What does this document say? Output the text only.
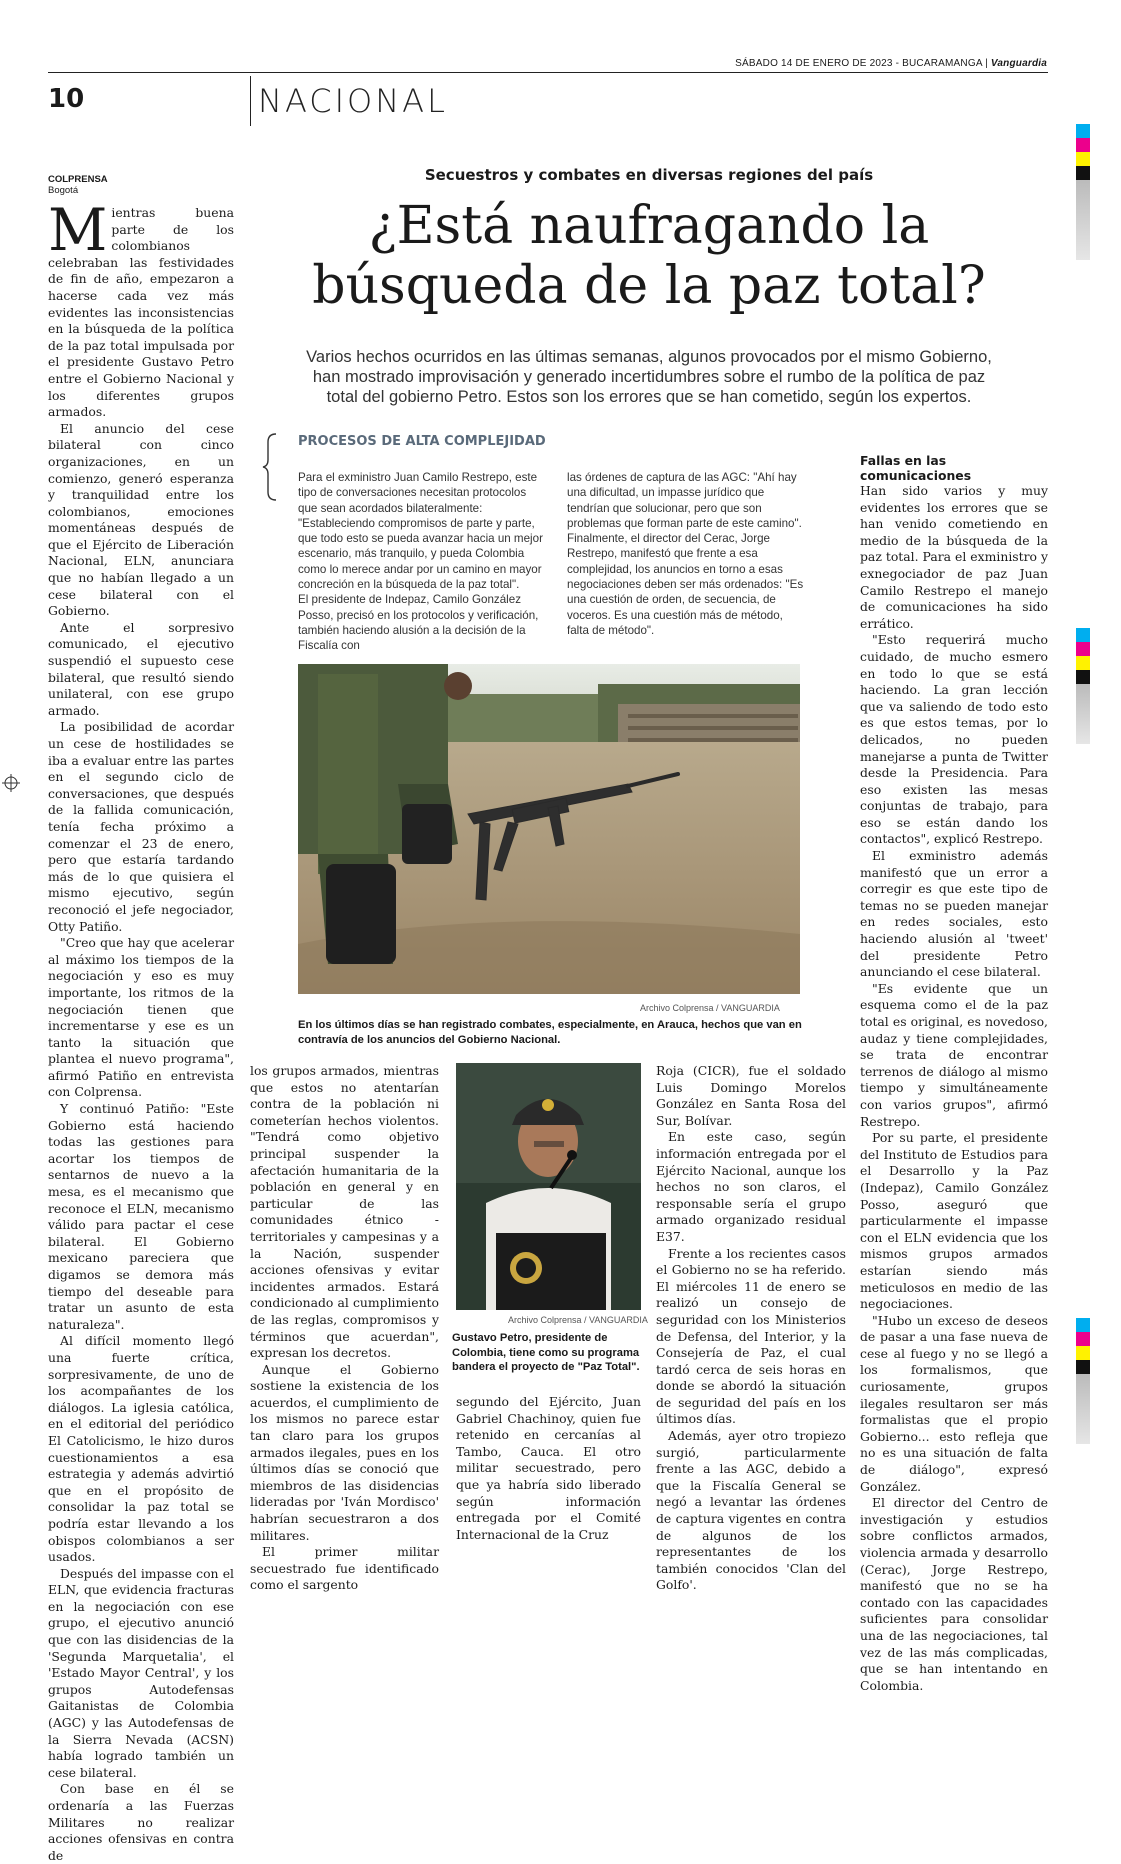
SÁBADO 14 DE ENERO DE 2023 - BUCARAMANGA | Vanguardia
10	NACIONAL
COLPRENSA
Bogotá
Secuestros y combates en diversas regiones del país
¿Está naufragando la
búsqueda de la paz total?
Varios hechos ocurridos en las últimas semanas, algunos provocados por el mismo Gobierno,
han mostrado improvisación y generado incertidumbres sobre el rumbo de la política de paz
total del gobierno Petro. Estos son los errores que se han cometido, según los expertos.
PROCESOS DE ALTA COMPLEJIDAD

Para el exministro Juan Camilo Restrepo, este tipo de conversaciones necesitan protocolos que sean acordados bilateralmente: "Estableciendo compromisos de parte y parte, que todo esto se pueda avanzar hacia un mejor escenario, más tranquilo, y pueda Colombia como lo merece andar por un camino en mayor concreción en la búsqueda de la paz total".

El presidente de Indepaz, Camilo González Posso, precisó en los protocolos y verificación, también haciendo alusión a la decisión de la Fiscalía con

las órdenes de captura de las AGC: "Ahí hay una dificultad, un impasse jurídico que tendrían que solucionar, pero que son problemas que forman parte de este camino".

Finalmente, el director del Cerac, Jorge Restrepo, manifestó que frente a esa complejidad, los anuncios en torno a esas negociaciones deben ser más ordenados: "Es una cuestión de orden, de secuencia, de voceros. Es una cuestión más de método, falta de método".

Archivo Colprensa / VANGUARDIA
En los últimos días se han registrado combates, especialmente, en Arauca, hechos que van en contravía de los anuncios del Gobierno Nacional.
Archivo Colprensa / VANGUARDIA
Gustavo Petro, presidente de Colombia, tiene como su programa bandera el proyecto de "Paz Total".

Mientras buena parte de los colombianos celebraban las festividades de fin de año, empezaron a hacerse cada vez más evidentes las inconsistencias en la búsqueda de la política de la paz total impulsada por el presidente Gustavo Petro entre el Gobierno Nacional y los diferentes grupos armados.

El anuncio del cese bilateral con cinco organizaciones, en un comienzo, generó esperanza y tranquilidad entre los colombianos, emociones momentáneas después de que el Ejército de Liberación Nacional, ELN, anunciara que no habían llegado a un cese bilateral con el Gobierno.

Ante el sorpresivo comunicado, el ejecutivo suspendió el supuesto cese bilateral, que resultó siendo unilateral, con ese grupo armado.

La posibilidad de acordar un cese de hostilidades se iba a evaluar entre las partes en el segundo ciclo de conversaciones, que después de la fallida comunicación, tenía fecha próximo a comenzar el 23 de enero, pero que estaría tardando más de lo que quisiera el mismo ejecutivo, según reconoció el jefe negociador, Otty Patiño.

"Creo que hay que acelerar al máximo los tiempos de la negociación y eso es muy importante, los ritmos de la negociación tienen que incrementarse y ese es un tanto la situación que plantea el nuevo programa", afirmó Patiño en entrevista con Colprensa.

Y continuó Patiño: "Este Gobierno está haciendo todas las gestiones para acortar los tiempos de sentarnos de nuevo a la mesa, es el mecanismo que reconoce el ELN, mecanismo válido para pactar el cese bilateral. El Gobierno mexicano pareciera que digamos se demora más tiempo del deseable para tratar un asunto de esta naturaleza".

Al difícil momento llegó una fuerte crítica, sorpresivamente, de uno de los acompañantes de los diálogos. La iglesia católica, en el editorial del periódico El Catolicismo, le hizo duros cuestionamientos a esa estrategia y además advirtió que en el propósito de consolidar la paz total se podría estar llevando a los obispos colombianos a ser usados.

Después del impasse con el ELN, que evidencia fracturas en la negociación con ese grupo, el ejecutivo anunció que con las disidencias de la 'Segunda Marquetalia', el 'Estado Mayor Central', y los grupos Autodefensas Gaitanistas de Colombia (AGC) y las Autodefensas de la Sierra Nevada (ACSN) había logrado también un cese bilateral.

Con base en él se ordenaría a las Fuerzas Militares no realizar acciones ofensivas en contra de

los grupos armados, mientras que estos no atentarían contra de la población ni cometerían hechos violentos. "Tendrá como objetivo principal suspender la afectación humanitaria de la población en general y en particular de las comunidades étnico - territoriales y campesinas y a la Nación, suspender acciones ofensivas y evitar incidentes armados. Estará condicionado al cumplimiento de las reglas, compromisos y términos que acuerdan", expresan los decretos.

Aunque el Gobierno sostiene la existencia de los acuerdos, el cumplimiento de los mismos no parece estar tan claro para los grupos armados ilegales, pues en los últimos días se conoció que miembros de las disidencias lideradas por 'Iván Mordisco' habrían secuestraron a dos militares.

El primer militar secuestrado fue identificado como el sargento

segundo del Ejército, Juan Gabriel Chachinoy, quien fue retenido en cercanías al Tambo, Cauca. El otro militar secuestrado, pero que ya habría sido liberado según información entregada por el Comité Internacional de la Cruz

Roja (CICR), fue el soldado Luis Domingo Morelos González en Santa Rosa del Sur, Bolívar.

En este caso, según información entregada por el Ejército Nacional, aunque los hechos no son claros, el responsable sería el grupo armado organizado residual E37.

Frente a los recientes casos el Gobierno no se ha referido. El miércoles 11 de enero se realizó un consejo de seguridad con los Ministerios de Defensa, del Interior, y la Consejería de Paz, el cual tardó cerca de seis horas en donde se abordó la situación de seguridad del país en los últimos días.

Además, ayer otro tropiezo surgió, particularmente frente a las AGC, debido a que la Fiscalía General se negó a levantar las órdenes de captura vigentes en contra de algunos de los representantes de los también conocidos 'Clan del Golfo'.

Fallas en las comunicaciones

Han sido varios y muy evidentes los errores que se han venido cometiendo en medio de la búsqueda de la paz total. Para el exministro y exnegociador de paz Juan Camilo Restrepo el manejo de comunicaciones ha sido errático.

"Esto requerirá mucho cuidado, de mucho esmero en todo lo que se está haciendo. La gran lección que va saliendo de todo esto es que estos temas, por lo delicados, no pueden manejarse a punta de Twitter desde la Presidencia. Para eso existen las mesas conjuntas de trabajo, para eso se están dando los contactos", explicó Restrepo.

El exministro además manifestó que un error a corregir es que este tipo de temas no se pueden manejar en redes sociales, esto haciendo alusión al 'tweet' del presidente Petro anunciando el cese bilateral.

"Es evidente que un esquema como el de la paz total es original, es novedoso, audaz y tiene complejidades, se trata de encontrar terrenos de diálogo al mismo tiempo y simultáneamente con varios grupos", afirmó Restrepo.

Por su parte, el presidente del Instituto de Estudios para el Desarrollo y la Paz (Indepaz), Camilo González Posso, aseguró que particularmente el impasse con el ELN evidencia que los mismos grupos armados estarían siendo más meticulosos en medio de las negociaciones.

"Hubo un exceso de deseos de pasar a una fase nueva de cese al fuego y no se llegó a los formalismos, que curiosamente, grupos ilegales resultaron ser más formalistas que el propio Gobierno... esto refleja que no es una situación de falta de diálogo", expresó González.

El director del Centro de investigación y estudios sobre conflictos armados, violencia armada y desarrollo (Cerac), Jorge Restrepo, manifestó que no se ha contado con las capacidades suficientes para consolidar una de las negociaciones, tal vez de las más complicadas, que se han intentando en Colombia.
